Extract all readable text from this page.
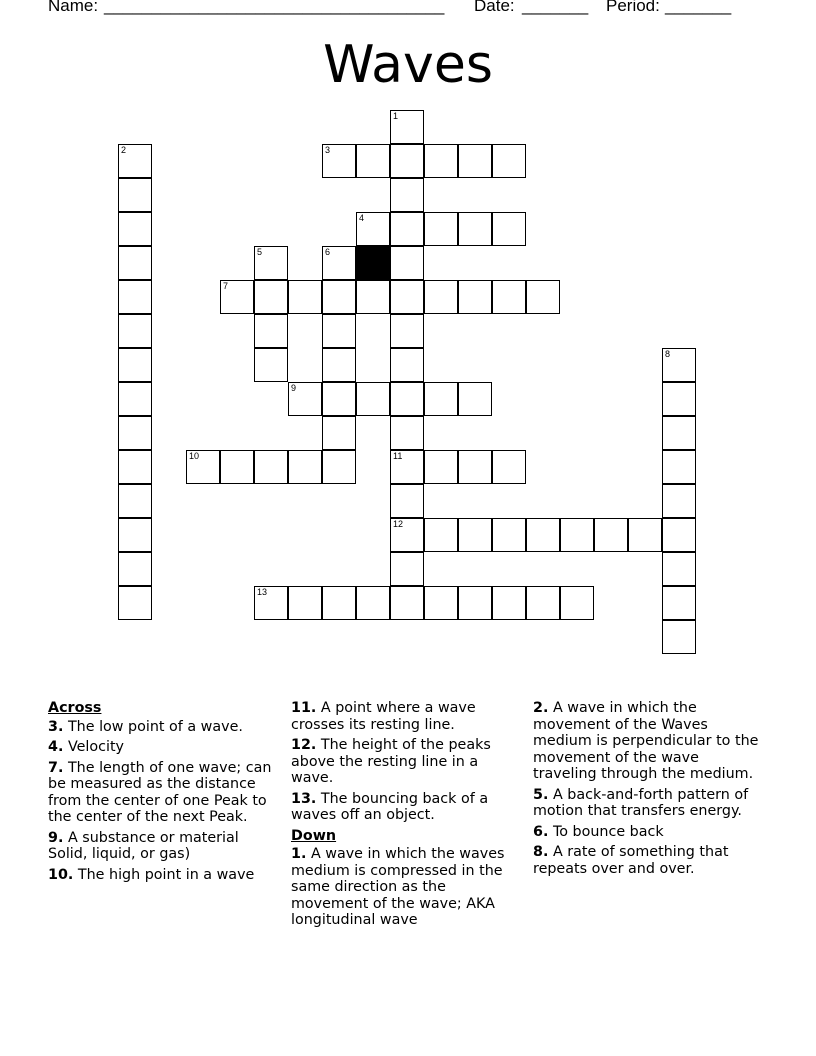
Name: ____________________________________ Date: _______ Period: _______
Waves
1
11
12
2	3
4
5	6
7
8
9
10
13
Across
3. The low point of a wave.
4. Velocity
7. The length of one wave; can be measured as the distance from the center of one Peak to the center of the next Peak.
9. A substance or material Solid, liquid, or gas)
10. The high point in a wave
11. A point where a wave crosses its resting line.
12. The height of the peaks above the resting line in a wave.
13. The bouncing back of a waves off an object.
Down
1. A wave in which the waves medium is compressed in the same direction as the movement of the wave; AKA longitudinal wave
2. A wave in which the movement of the Waves medium is perpendicular to the movement of the wave traveling through the medium.
5. A back-and-forth pattern of motion that transfers energy.
6. To bounce back
8. A rate of something that repeats over and over.
